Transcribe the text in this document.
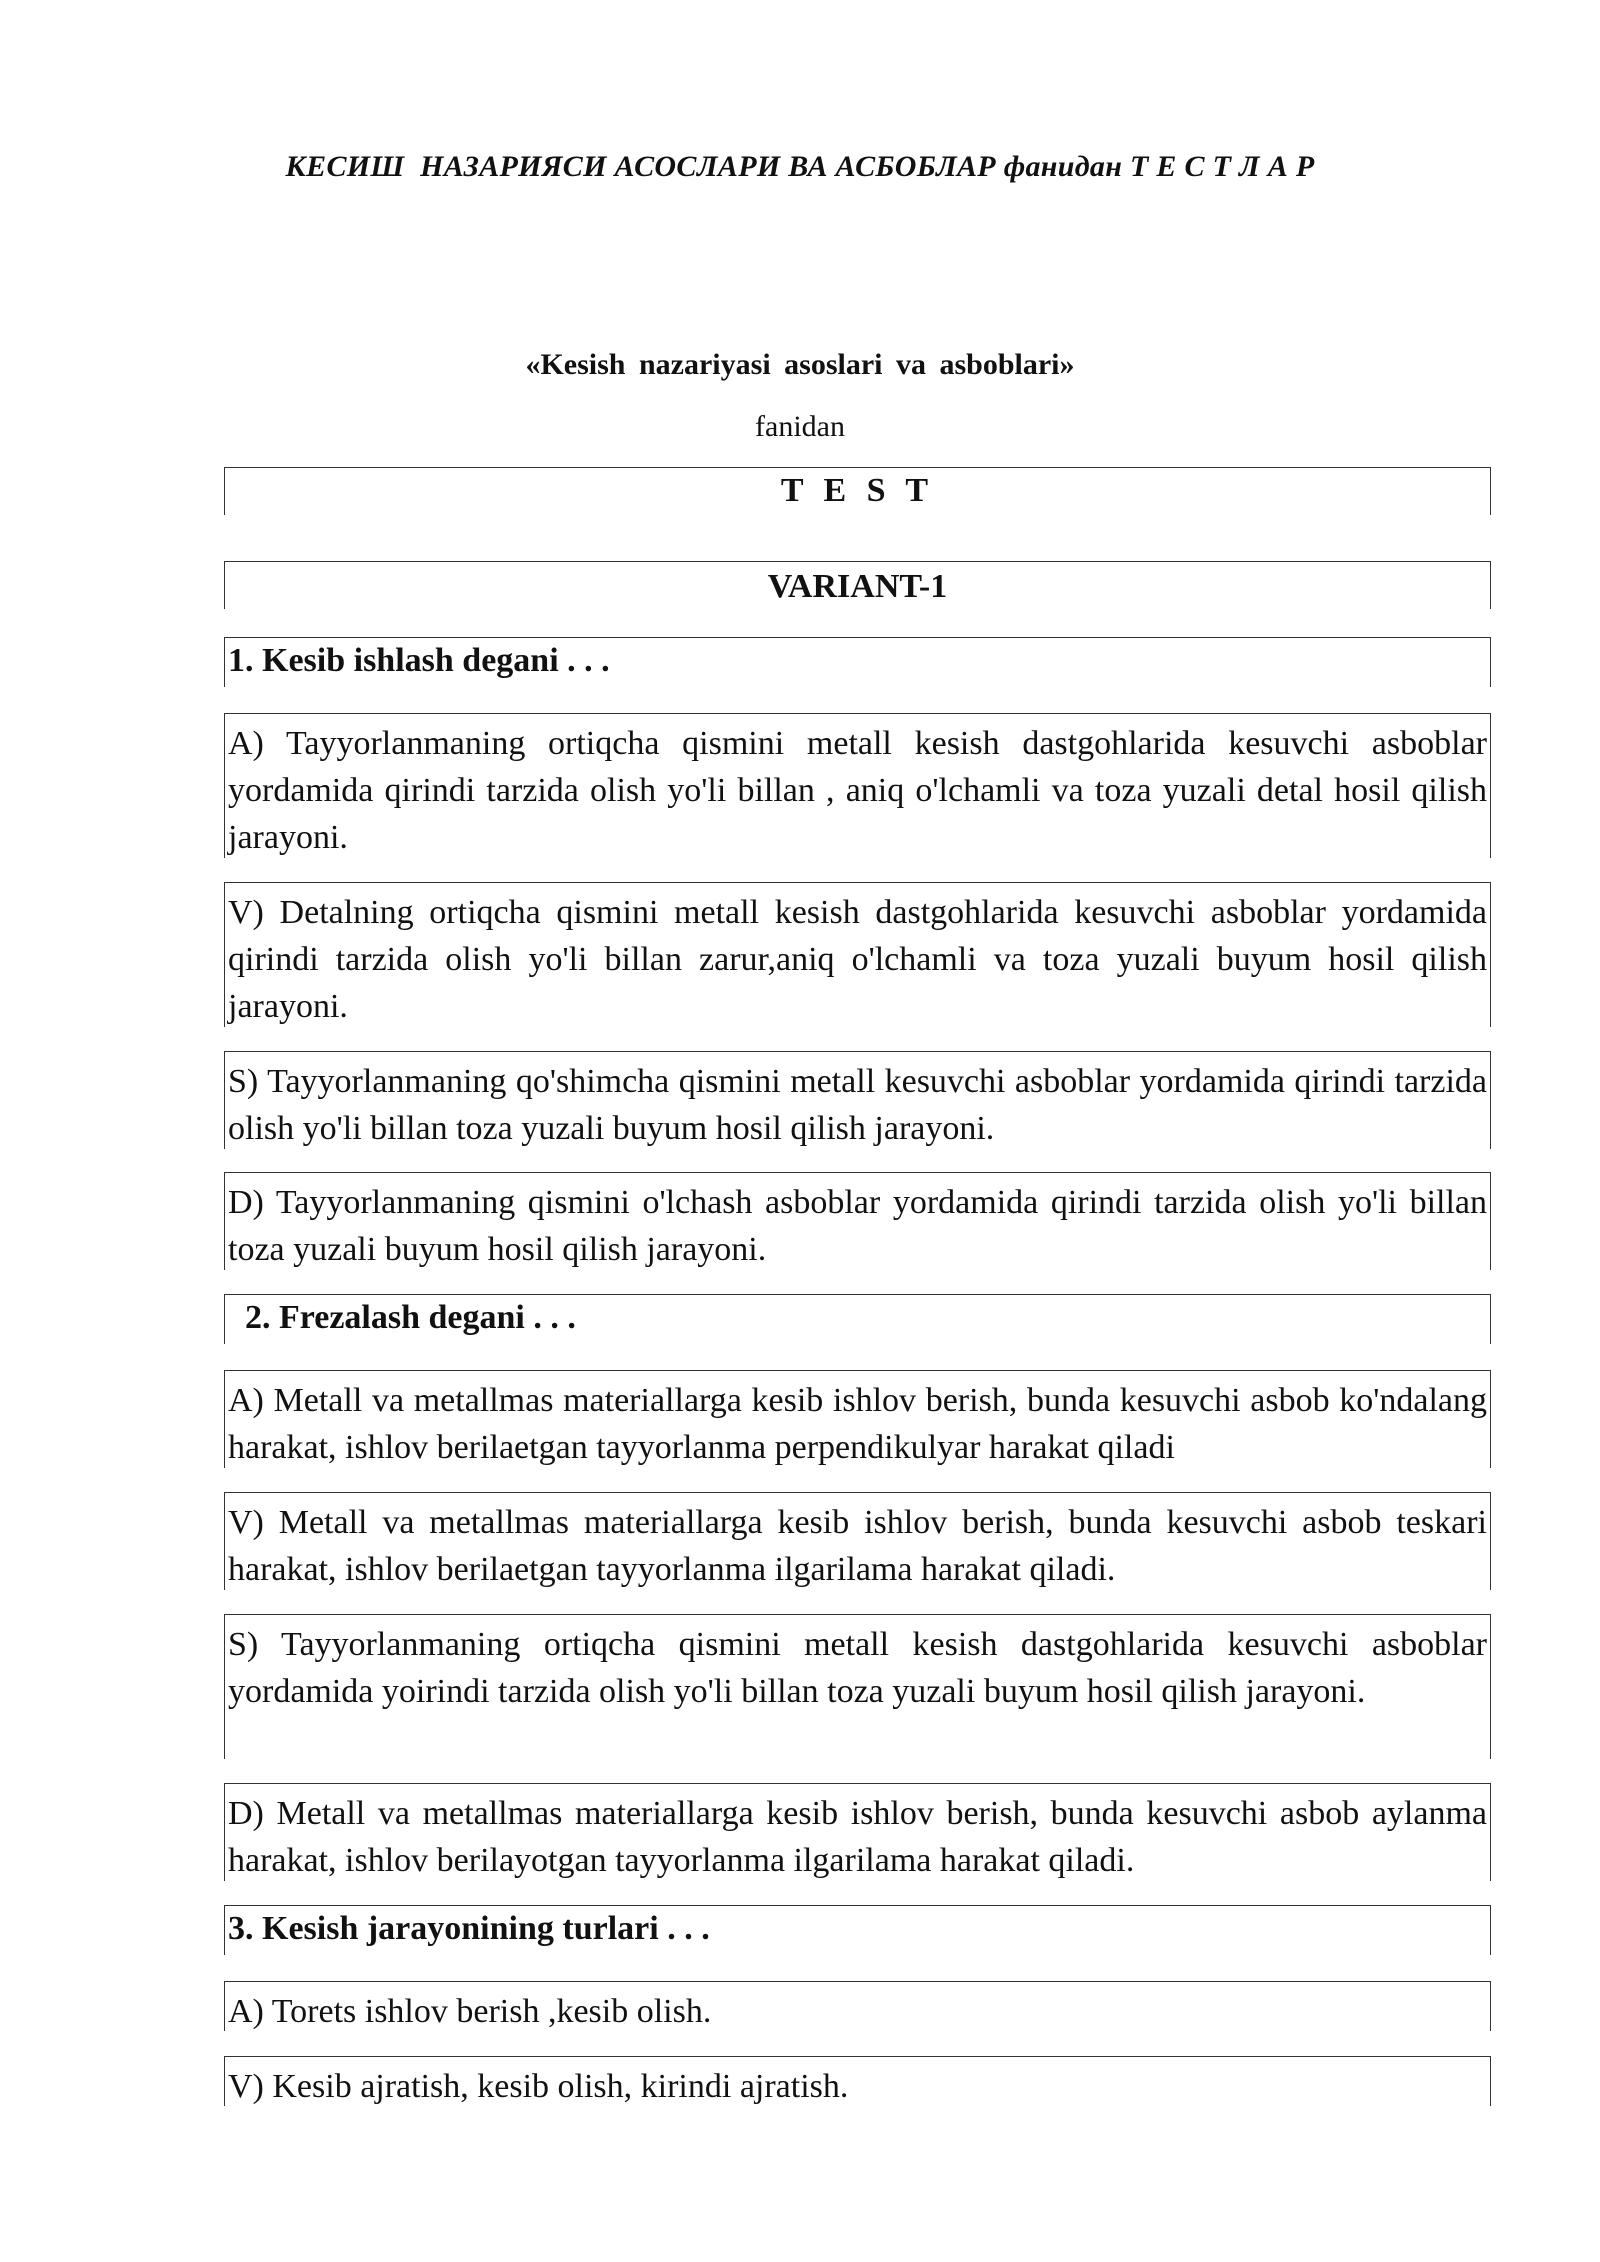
КЕСИШ  НАЗАРИЯСИ АСОСЛАРИ ВА АСБОБЛАР фанидан Т Е С Т Л А Р
«Kesish nazariyasi asoslari va asboblari»
fanidan
T E S T
VARIANT-1
1. Kesib ishlash degani . . .
A) Tayyorlanmaning ortiqcha qismini metall kesish dastgohlarida kesuvchi asboblar yordamida qirindi tarzida olish yo'li billan , aniq o'lchamli va toza yuzali detal hosil qilish jarayoni.
V) Detalning ortiqcha qismini metall kesish dastgohlarida kesuvchi asboblar yordamida qirindi tarzida olish yo'li billan zarur,aniq o'lchamli va toza yuzali buyum hosil qilish jarayoni.
S) Tayyorlanmaning qo'shimcha qismini metall kesuvchi asboblar yordamida qirindi tarzida olish yo'li billan toza yuzali buyum hosil qilish jarayoni.
D) Tayyorlanmaning qismini o'lchash asboblar yordamida qirindi tarzida olish yo'li billan toza yuzali buyum hosil qilish jarayoni.
2. Frezalash degani . . .
A) Metall va metallmas materiallarga kesib ishlov berish, bunda kesuvchi asbob ko'ndalang harakat, ishlov berilaetgan tayyorlanma perpendikulyar harakat qiladi
V) Metall va metallmas materiallarga kesib ishlov berish, bunda kesuvchi asbob teskari harakat, ishlov berilaetgan tayyorlanma ilgarilama harakat qiladi.
S) Tayyorlanmaning ortiqcha qismini metall kesish dastgohlarida kesuvchi asboblar yordamida yoirindi tarzida olish yo'li billan toza yuzali buyum hosil qilish jarayoni.
D) Metall va metallmas materiallarga kesib ishlov berish, bunda kesuvchi asbob aylanma harakat, ishlov berilayotgan tayyorlanma ilgarilama harakat qiladi.
3. Kesish jarayonining turlari . . .
A) Torets ishlov berish ,kesib olish.
V) Kesib ajratish, kesib olish, kirindi ajratish.
